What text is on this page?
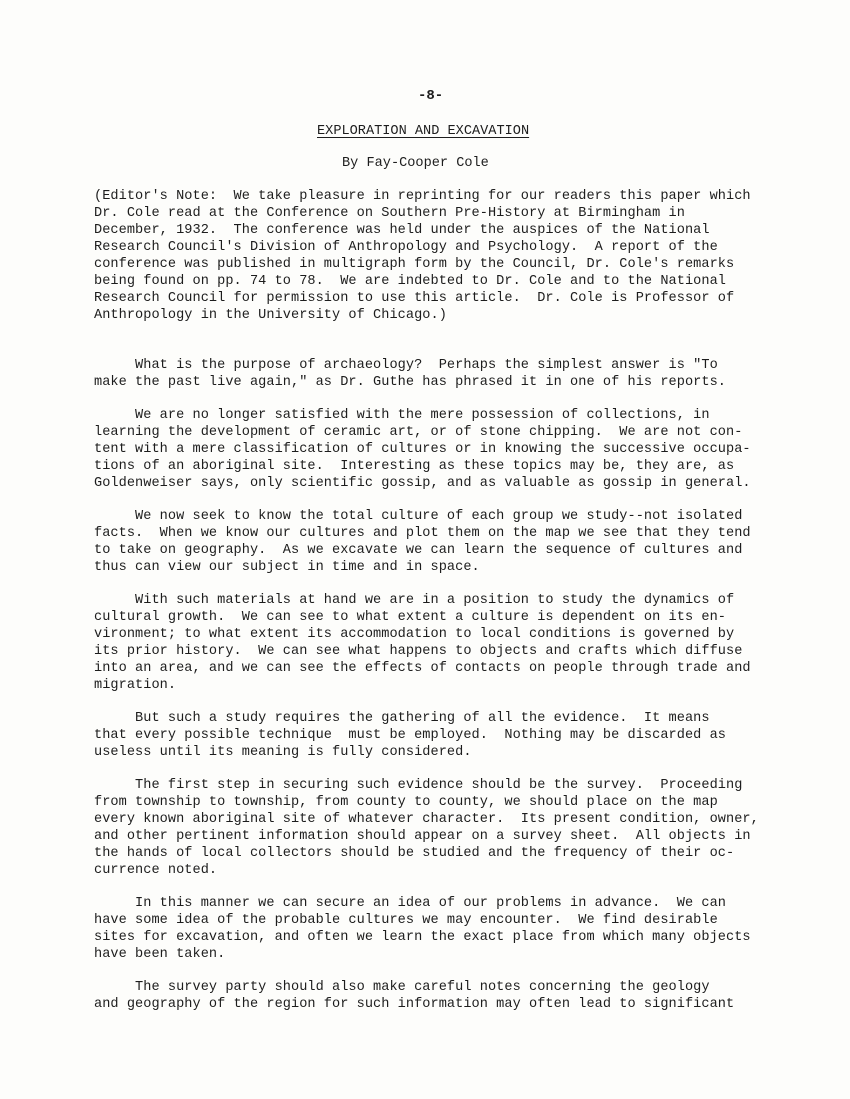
-8-
EXPLORATION AND EXCAVATION
By Fay-Cooper Cole
(Editor's Note:  We take pleasure in reprinting for our readers this paper which
Dr. Cole read at the Conference on Southern Pre-History at Birmingham in
December, 1932.  The conference was held under the auspices of the National
Research Council's Division of Anthropology and Psychology.  A report of the
conference was published in multigraph form by the Council, Dr. Cole's remarks
being found on pp. 74 to 78.  We are indebted to Dr. Cole and to the National
Research Council for permission to use this article.  Dr. Cole is Professor of
Anthropology in the University of Chicago.)
What is the purpose of archaeology?  Perhaps the simplest answer is "To
make the past live again," as Dr. Guthe has phrased it in one of his reports.
We are no longer satisfied with the mere possession of collections, in
learning the development of ceramic art, or of stone chipping.  We are not con-
tent with a mere classification of cultures or in knowing the successive occupa-
tions of an aboriginal site.  Interesting as these topics may be, they are, as
Goldenweiser says, only scientific gossip, and as valuable as gossip in general.
We now seek to know the total culture of each group we study--not isolated
facts.  When we know our cultures and plot them on the map we see that they tend
to take on geography.  As we excavate we can learn the sequence of cultures and
thus can view our subject in time and in space.
With such materials at hand we are in a position to study the dynamics of
cultural growth.  We can see to what extent a culture is dependent on its en-
vironment; to what extent its accommodation to local conditions is governed by
its prior history.  We can see what happens to objects and crafts which diffuse
into an area, and we can see the effects of contacts on people through trade and
migration.
But such a study requires the gathering of all the evidence.  It means
that every possible technique  must be employed.  Nothing may be discarded as
useless until its meaning is fully considered.
The first step in securing such evidence should be the survey.  Proceeding
from township to township, from county to county, we should place on the map
every known aboriginal site of whatever character.  Its present condition, owner,
and other pertinent information should appear on a survey sheet.  All objects in
the hands of local collectors should be studied and the frequency of their oc-
currence noted.
In this manner we can secure an idea of our problems in advance.  We can
have some idea of the probable cultures we may encounter.  We find desirable
sites for excavation, and often we learn the exact place from which many objects
have been taken.
The survey party should also make careful notes concerning the geology
and geography of the region for such information may often lead to significant
